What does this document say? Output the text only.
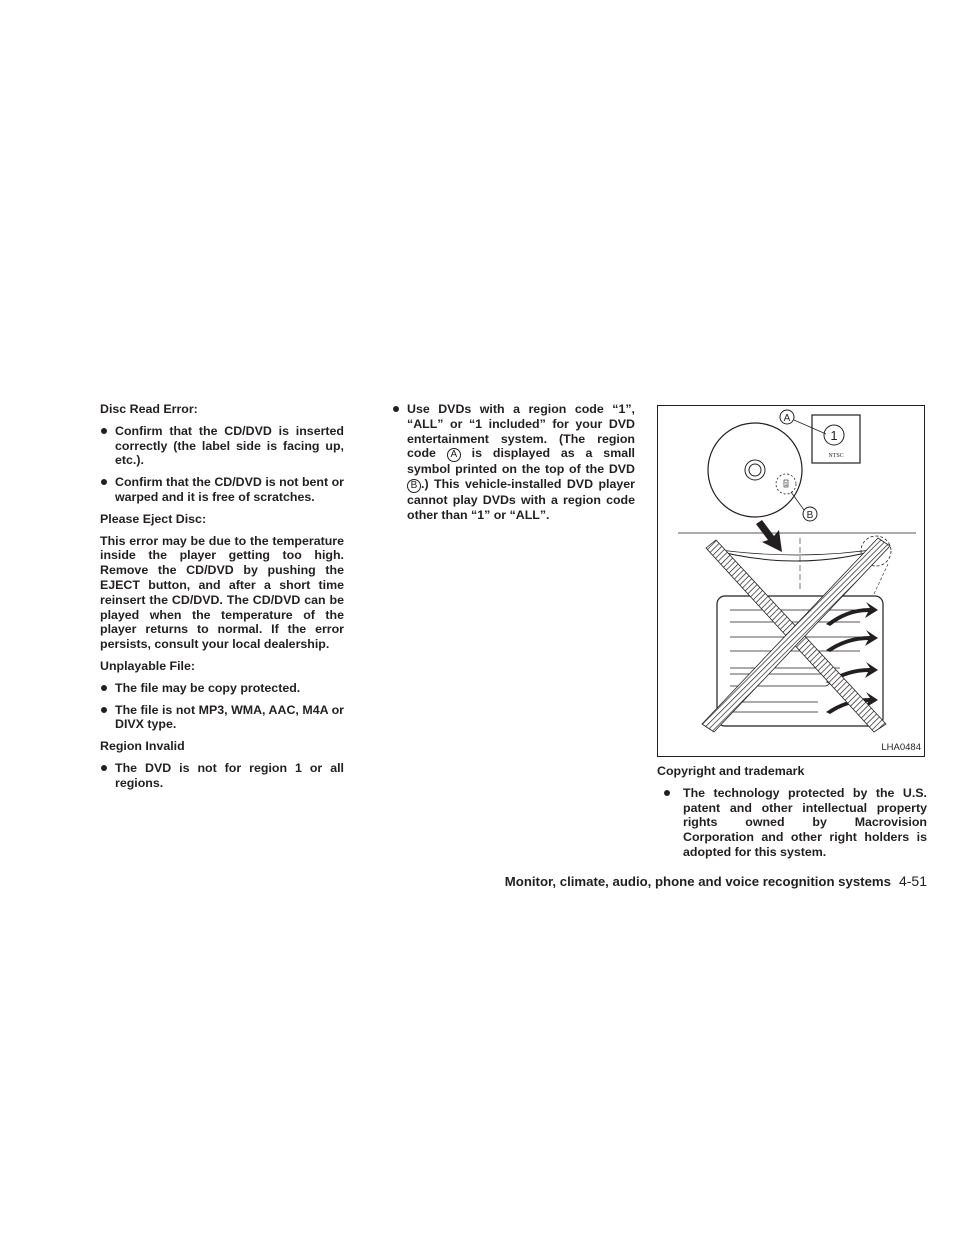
Disc Read Error:
Confirm that the CD/DVD is inserted correctly (the label side is facing up, etc.).
Confirm that the CD/DVD is not bent or warped and it is free of scratches.
Please Eject Disc:

This error may be due to the temperature inside the player getting too high. Remove the CD/DVD by pushing the EJECT button, and after a short time reinsert the CD/DVD. The CD/DVD can be played when the temperature of the player returns to normal. If the error persists, consult your local dealership.

Unplayable File:
The file may be copy protected.
The file is not MP3, WMA, AAC, M4A or DIVX type.
Region Invalid
The DVD is not for region 1 or all regions.
Use DVDs with a region code “1”, “ALL” or “1 included” for your DVD entertainment system. (The region code A is displayed as a small symbol printed on the top of the DVD B .) This vehicle-installed DVD player cannot play DVDs with a region code other than “1” or “ALL”.
1
1
NTSC
A
B
LHA0484
Copyright and trademark
The technology protected by the U.S. patent and other intellectual property rights owned by Macrovision Corporation and other right holders is adopted for this system.
Monitor, climate, audio, phone and voice recognition systems 4-51
